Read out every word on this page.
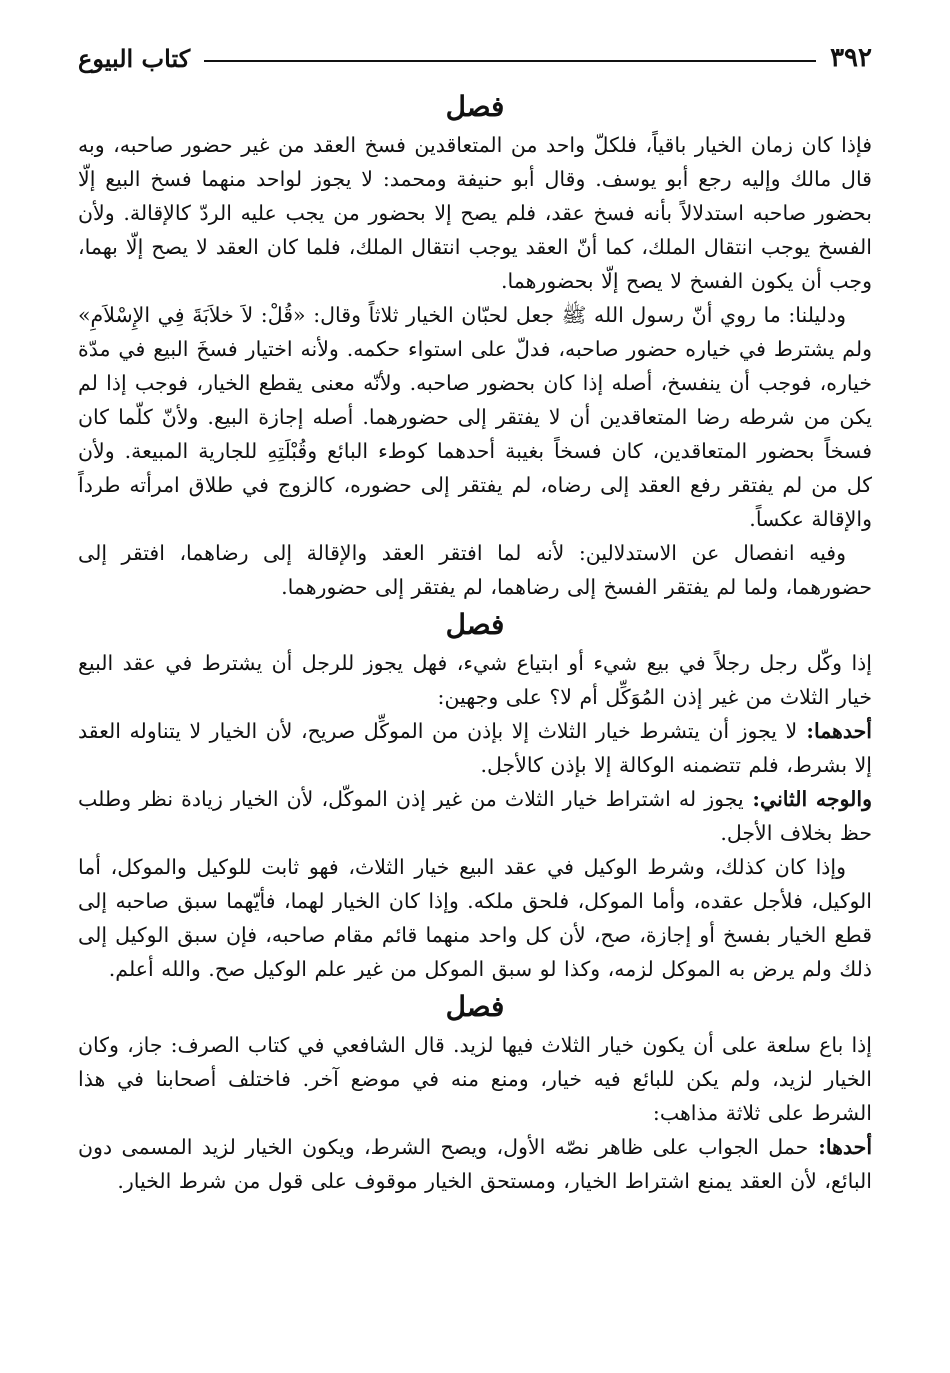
٣٩٢
كتاب البيوع
فصل

فإذا كان زمان الخيار باقياً، فلكلّ واحد من المتعاقدين فسخ العقد من غير حضور صاحبه، وبه قال مالك وإليه رجع أبو يوسف. وقال أبو حنيفة ومحمد: لا يجوز لواحد منهما فسخ البيع إلّا بحضور صاحبه استدلالاً بأنه فسخ عقد، فلم يصح إلا بحضور من يجب عليه الردّ كالإقالة. ولأن الفسخ يوجب انتقال الملك، كما أنّ العقد يوجب انتقال الملك، فلما كان العقد لا يصح إلّا بهما، وجب أن يكون الفسخ لا يصح إلّا بحضورهما.

ودليلنا: ما روي أنّ رسول الله ﷺ جعل لحبّان الخيار ثلاثاً وقال: «قُلْ: لاَ خلاَبَةَ فِي الإِسْلاَمِ» ولم يشترط في خياره حضور صاحبه، فدلّ على استواء حكمه. ولأنه اختيار فسخَ البيع في مدّة خياره، فوجب أن ينفسخ، أصله إذا كان بحضور صاحبه. ولأنّه معنى يقطع الخيار، فوجب إذا لم يكن من شرطه رضا المتعاقدين أن لا يفتقر إلى حضورهما. أصله إجازة البيع. ولأنّ كلّما كان فسخاً بحضور المتعاقدين، كان فسخاً بغيبة أحدهما كوطء البائع وقُبْلَتِهِ للجارية المبيعة. ولأن كل من لم يفتقر رفع العقد إلى رضاه، لم يفتقر إلى حضوره، كالزوج في طلاق امرأته طرداً والإقالة عكساً.

وفيه انفصال عن الاستدلالين: لأنه لما افتقر العقد والإقالة إلى رضاهما، افتقر إلى حضورهما، ولما لم يفتقر الفسخ إلى رضاهما، لم يفتقر إلى حضورهما.

فصل

إذا وكّل رجل رجلاً في بيع شيء أو ابتياع شيء، فهل يجوز للرجل أن يشترط في عقد البيع خيار الثلاث من غير إذن المُوَكِّل أم لا؟ على وجهين:

أحدهما: لا يجوز أن يتشرط خيار الثلاث إلا بإذن من الموكِّل صريح، لأن الخيار لا يتناوله العقد إلا بشرط، فلم تتضمنه الوكالة إلا بإذن كالأجل.

والوجه الثاني: يجوز له اشتراط خيار الثلاث من غير إذن الموكّل، لأن الخيار زيادة نظر وطلب حظ بخلاف الأجل.

وإذا كان كذلك، وشرط الوكيل في عقد البيع خيار الثلاث، فهو ثابت للوكيل والموكل، أما الوكيل، فلأجل عقده، وأما الموكل، فلحق ملكه. وإذا كان الخيار لهما، فأيّهما سبق صاحبه إلى قطع الخيار بفسخ أو إجازة، صح، لأن كل واحد منهما قائم مقام صاحبه، فإن سبق الوكيل إلى ذلك ولم يرض به الموكل لزمه، وكذا لو سبق الموكل من غير علم الوكيل صح. والله أعلم.

فصل

إذا باع سلعة على أن يكون خيار الثلاث فيها لزيد. قال الشافعي في كتاب الصرف: جاز، وكان الخيار لزيد، ولم يكن للبائع فيه خيار، ومنع منه في موضع آخر. فاختلف أصحابنا في هذا الشرط على ثلاثة مذاهب:

أحدها: حمل الجواب على ظاهر نصّه الأول، ويصح الشرط، ويكون الخيار لزيد المسمى دون البائع، لأن العقد يمنع اشتراط الخيار، ومستحق الخيار موقوف على قول من شرط الخيار.
